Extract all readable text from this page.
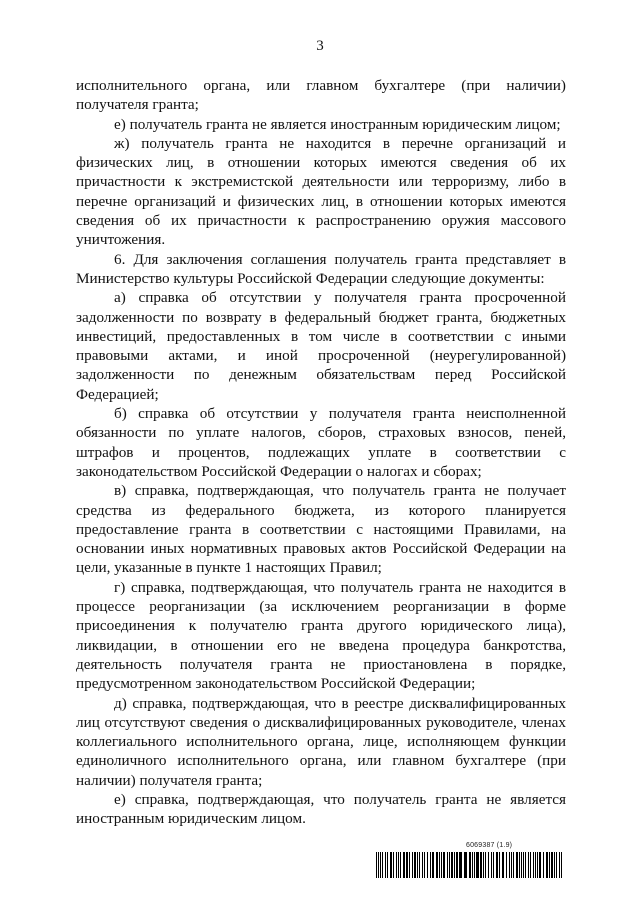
3

исполнительного органа, или главном бухгалтере (при наличии) получателя гранта;

е) получатель гранта не является иностранным юридическим лицом;

ж) получатель гранта не находится в перечне организаций и физических лиц, в отношении которых имеются сведения об их причастности к экстремистской деятельности или терроризму, либо в перечне организаций и физических лиц, в отношении которых имеются сведения об их причастности к распространению оружия массового уничтожения.

6. Для заключения соглашения получатель гранта представляет в Министерство культуры Российской Федерации следующие документы:

а) справка об отсутствии у получателя гранта просроченной задолженности по возврату в федеральный бюджет гранта, бюджетных инвестиций, предоставленных в том числе в соответствии с иными правовыми актами, и иной просроченной (неурегулированной) задолженности по денежным обязательствам перед Российской Федерацией;

б) справка об отсутствии у получателя гранта неисполненной обязанности по уплате налогов, сборов, страховых взносов, пеней, штрафов и процентов, подлежащих уплате в соответствии с законодательством Российской Федерации о налогах и сборах;

в) справка, подтверждающая, что получатель гранта не получает средства из федерального бюджета, из которого планируется предоставление гранта в соответствии с настоящими Правилами, на основании иных нормативных правовых актов Российской Федерации на цели, указанные в пункте 1 настоящих Правил;

г) справка, подтверждающая, что получатель гранта не находится в процессе реорганизации (за исключением реорганизации в форме присоединения к получателю гранта другого юридического лица), ликвидации, в отношении его не введена процедура банкротства, деятельность получателя гранта не приостановлена в порядке, предусмотренном законодательством Российской Федерации;

д) справка, подтверждающая, что в реестре дисквалифицированных лиц отсутствуют сведения о дисквалифицированных руководителе, членах коллегиального исполнительного органа, лице, исполняющем функции единоличного исполнительного органа, или главном бухгалтере (при наличии) получателя гранта;

е) справка, подтверждающая, что получатель гранта не является иностранным юридическим лицом.

6069387 (1.9)
